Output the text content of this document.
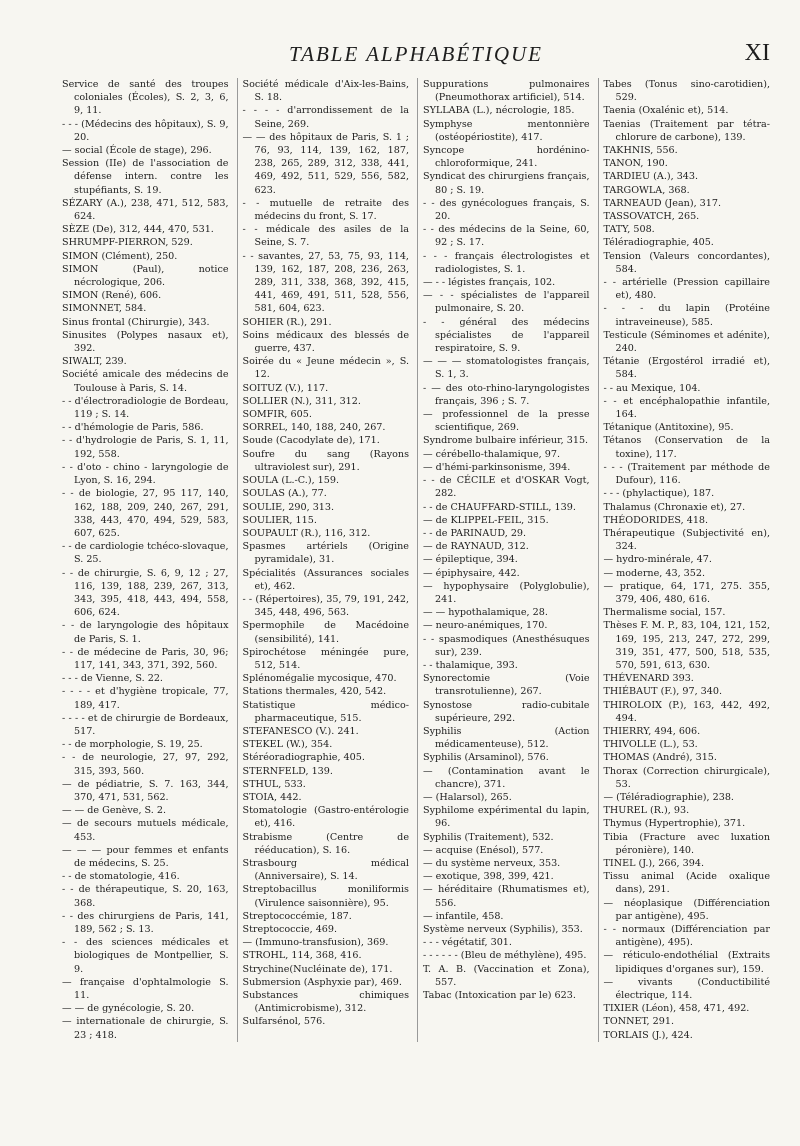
TABLE ALPHABÉTIQUE	XI
Service de santé des troupes coloniales (Écoles), S. 2, 3, 6, 9, 11.
- - - (Médecins des hôpitaux), S. 9, 20.
— social (École de stage), 296.
Session (IIe) de l'association de défense intern. contre les stupéfiants, S. 19.
SÉZARY (A.), 238, 471, 512, 583, 624.
SÈZE (De), 312, 444, 470, 531.
SHRUMPF-PIERRON, 529.
SIMON (Clément), 250.
SIMON (Paul), notice nécrologique, 206.
SIMON (René), 606.
SIMONNET, 584.
Sinus frontal (Chirurgie), 343.
Sinusites (Polypes nasaux et), 392.
SIWALT, 239.
Société amicale des médecins de Toulouse à Paris, S. 14.
- - d'électroradiologie de Bordeau, 119 ; S. 14.
- - d'hémologie de Paris, 586.
- - d'hydrologie de Paris, S. 1, 11, 192, 558.
- - d'oto - chino - laryngologie de Lyon, S. 16, 294.
- - de biologie, 27, 95 117, 140, 162, 188, 209, 240, 267, 291, 338, 443, 470, 494, 529, 583, 607, 625.
- - de cardiologie tchéco-slovaque, S. 25.
- - de chirurgie, S. 6, 9, 12 ; 27, 116, 139, 188, 239, 267, 313, 343, 395, 418, 443, 494, 558, 606, 624.
- - de laryngologie des hôpitaux de Paris, S. 1.
- - de médecine de Paris, 30, 96; 117, 141, 343, 371, 392, 560.
- - - de Vienne, S. 22.
- - - - et d'hygiène tropicale, 77, 189, 417.
- - - - et de chirurgie de Bordeaux, 517.
- - de morphologie, S. 19, 25.
- - de neurologie, 27, 97, 292, 315, 393, 560.
— de pédiatrie, S. 7. 163, 344, 370, 471, 531, 562.
— — de Genève, S. 2.
— de secours mutuels médicale, 453.
— — — pour femmes et enfants de médecins, S. 25.
- - de stomatologie, 416.
- - de thérapeutique, S. 20, 163, 368.
- - des chirurgiens de Paris, 141, 189, 562 ; S. 13.
- - des sciences médicales et biologiques de Montpellier, S. 9.
— française d'ophtalmologie S. 11.
— — de gynécologie, S. 20.
— internationale de chirurgie, S. 23 ; 418.
Société médicale d'Aix-les-Bains, S. 18.
- - - - d'arrondissement de la Seine, 269.
— — des hôpitaux de Paris, S. 1 ; 76, 93, 114, 139, 162, 187, 238, 265, 289, 312, 338, 441, 469, 492, 511, 529, 556, 582, 623.
- - mutuelle de retraite des médecins du front, S. 17.
- - médicale des asiles de la Seine, S. 7.
- - savantes, 27, 53, 75, 93, 114, 139, 162, 187, 208, 236, 263, 289, 311, 338, 368, 392, 415, 441, 469, 491, 511, 528, 556, 581, 604, 623.
SOHIER (R.), 291.
Soins médicaux des blessés de guerre, 437.
Soirée du « Jeune médecin », S. 12.
SOITUZ (V.), 117.
SOLLIER (N.), 311, 312.
SOMFIR, 605.
SORREL, 140, 188, 240, 267.
Soude (Cacodylate de), 171.
Soufre du sang (Rayons ultraviolest sur), 291.
SOULA (L.-C.), 159.
SOULAS (A.), 77.
SOULIE, 290, 313.
SOULIER, 115.
SOUPAULT (R.), 116, 312.
Spasmes artériels (Origine pyramidale), 31.
Spécialités (Assurances sociales et), 462.
- - (Répertoires), 35, 79, 191, 242, 345, 448, 496, 563.
Spermophile de Macédoine (sensibilité), 141.
Spirochétose méningée pure, 512, 514.
Splénomégalie mycosique, 470.
Stations thermales, 420, 542.
Statistique médico-pharmaceutique, 515.
STEFANESCO (V.). 241.
STEKEL (W.), 354.
Stéréoradiographie, 405.
STERNFELD, 139.
STHUL, 533.
STOIA, 442.
Stomatologie (Gastro-entérologie et), 416.
Strabisme (Centre de rééducation), S. 16.
Strasbourg médical (Anniversaire), S. 14.
Streptobacillus moniliformis (Virulence saisonnière), 95.
Streptococcémie, 187.
Streptococcie, 469.
— (Immuno-transfusion), 369.
STROHL, 114, 368, 416.
Strychine(Nucléinate de), 171.
Submersion (Asphyxie par), 469.
Substances chimiques (Antimicrobisme), 312.
Sulfarsénol, 576.
Suppurations pulmonaires (Pneumothorax artificiel), 514.
SYLLABA (L.), nécrologie, 185.
Symphyse mentonnière (ostéopériostite), 417.
Syncope hordénino-chloroformique, 241.
Syndicat des chirurgiens français, 80 ; S. 19.
- - des gynécologues français, S. 20.
- - des médecins de la Seine, 60, 92 ; S. 17.
- - - français électrologistes et radiologistes, S. 1.
— - - légistes français, 102.
— - - spécialistes de l'appareil pulmonaire, S. 20.
- - général des médecins spécialistes de l'appareil respiratoire, S. 9.
— — — stomatologistes français, S. 1, 3.
- — des oto-rhino-laryngologistes français, 396 ; S. 7.
— professionnel de la presse scientifique, 269.
Syndrome bulbaire inférieur, 315.
— cérébello-thalamique, 97.
— d'hémi-parkinsonisme, 394.
- - de CÉCILE et d'OSKAR Vogt, 282.
- - de CHAUFFARD-STILL, 139.
— de KLIPPEL-FEIL, 315.
- - de PARINAUD, 29.
— de RAYNAUD, 312.
— épileptique, 394.
— épiphysaire, 442.
— hypophysaire (Polyglobulie), 241.
— — hypothalamique, 28.
— neuro-anémiques, 170.
- - spasmodiques (Anesthésuques sur), 239.
- - thalamique, 393.
Synorectomie (Voie transrotulienne), 267.
Synostose radio-cubitale supérieure, 292.
Syphilis (Action médicamenteuse), 512.
Syphilis (Arsaminol), 576.
— (Contamination avant le chancre), 371.
— (Halarsol), 265.
Syphilome expérimental du lapin, 96.
Syphilis (Traitement), 532.
— acquise (Enésol), 577.
— du système nerveux, 353.
— exotique, 398, 399, 421.
— héréditaire (Rhumatismes et), 556.
— infantile, 458.
Système nerveux (Syphilis), 353.
- - - végétatif, 301.
- - - - - - (Bleu de méthylène), 495.
T. A. B. (Vaccination et Zona), 557.
Tabac (Intoxication par le) 623.
Tabes (Tonus sino-carotidien), 529.
Taenia (Oxalénic et), 514.
Taenias (Traitement par tétra-chlorure de carbone), 139.
TAKHNIS, 556.
TANON, 190.
TARDIEU (A.), 343.
TARGOWLA, 368.
TARNEAUD (Jean), 317.
TASSOVATCH, 265.
TATY, 508.
Téléradiographie, 405.
Tension (Valeurs concordantes), 584.
- - artérielle (Pression capillaire et), 480.
- - - du lapin (Protéine intraveineuse), 585.
Testicule (Séminomes et adénite), 240.
Tétanie (Ergostérol irradié et), 584.
- - au Mexique, 104.
- - et encéphalopathie infantile, 164.
Tétanique (Antitoxine), 95.
Tétanos (Conservation de la toxine), 117.
- - - (Traitement par méthode de Dufour), 116.
- - - (phylactique), 187.
Thalamus (Chronaxie et), 27.
THÉODORIDES, 418.
Thérapeutique (Subjectivité en), 324.
— hydro-minérale, 47.
— moderne, 43, 352.
— pratique, 64, 171, 275. 355, 379, 406, 480, 616.
Thermalisme social, 157.
Thèses F. M. P., 83, 104, 121, 152, 169, 195, 213, 247, 272, 299, 319, 351, 477, 500, 518, 535, 570, 591, 613, 630.
THÉVENARD 393.
THIÉBAUT (F.), 97, 340.
THIROLOIX (P.), 163, 442, 492, 494.
THIERRY, 494, 606.
THIVOLLE (L.), 53.
THOMAS (André), 315.
Thorax (Correction chirurgicale), 53.
— (Téléradiographie), 238.
THUREL (R.), 93.
Thymus (Hypertrophie), 371.
Tibia (Fracture avec luxation péronière), 140.
TINEL (J.), 266, 394.
Tissu animal (Acide oxalique dans), 291.
— néoplasique (Différenciation par antigène), 495.
- - normaux (Différenciation par antigène), 495).
— réticulo-endothélial (Extraits lipidiques d'organes sur), 159.
— vivants (Conductibilité électrique, 114.
TIXIER (Léon), 458, 471, 492.
TONNET, 291.
TORLAIS (J.), 424.
